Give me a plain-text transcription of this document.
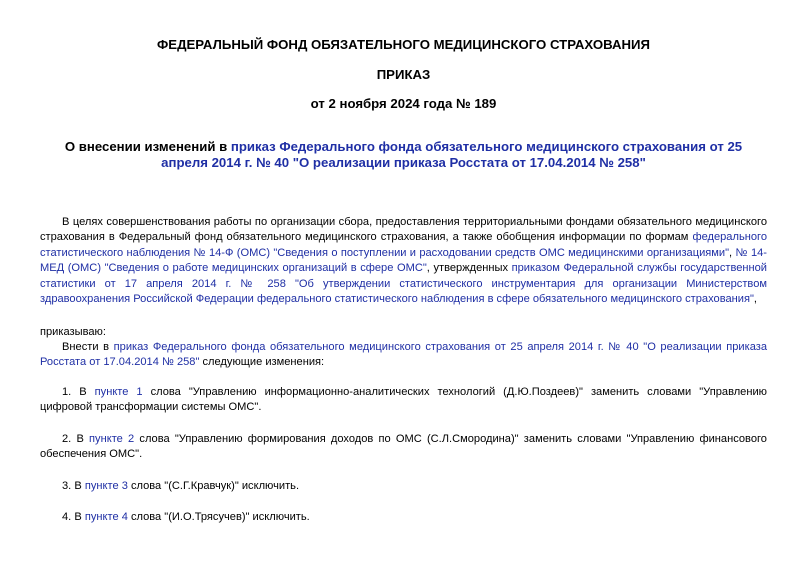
ФЕДЕРАЛЬНЫЙ ФОНД ОБЯЗАТЕЛЬНОГО МЕДИЦИНСКОГО СТРАХОВАНИЯ
ПРИКАЗ
от 2 ноября 2024 года № 189
О внесении изменений в приказ Федерального фонда обязательного медицинского страхования от 25 апреля 2014 г. № 40 "О реализации приказа Росстата от 17.04.2014 № 258"
В целях совершенствования работы по организации сбора, предоставления территориальными фондами обязательного медицинского страхования в Федеральный фонд обязательного медицинского страхования, а также обобщения информации по формам федерального статистического наблюдения № 14-Ф (ОМС) "Сведения о поступлении и расходовании средств ОМС медицинскими организациями", № 14-МЕД (ОМС) "Сведения о работе медицинских организаций в сфере ОМС", утвержденных приказом Федеральной службы государственной статистики от 17 апреля 2014 г. № 258 "Об утверждении статистического инструментария для организации Министерством здравоохранения Российской Федерации федерального статистического наблюдения в сфере обязательного медицинского страхования",
приказываю:
Внести в приказ Федерального фонда обязательного медицинского страхования от 25 апреля 2014 г. № 40 "О реализации приказа Росстата от 17.04.2014 № 258" следующие изменения:
1. В пункте 1 слова "Управлению информационно-аналитических технологий (Д.Ю.Поздеев)" заменить словами "Управлению цифровой трансформации системы ОМС".
2. В пункте 2 слова "Управлению формирования доходов по ОМС (С.Л.Смородина)" заменить словами "Управлению финансового обеспечения ОМС".
3. В пункте 3 слова "(С.Г.Кравчук)" исключить.
4. В пункте 4 слова "(И.О.Трясучев)" исключить.
